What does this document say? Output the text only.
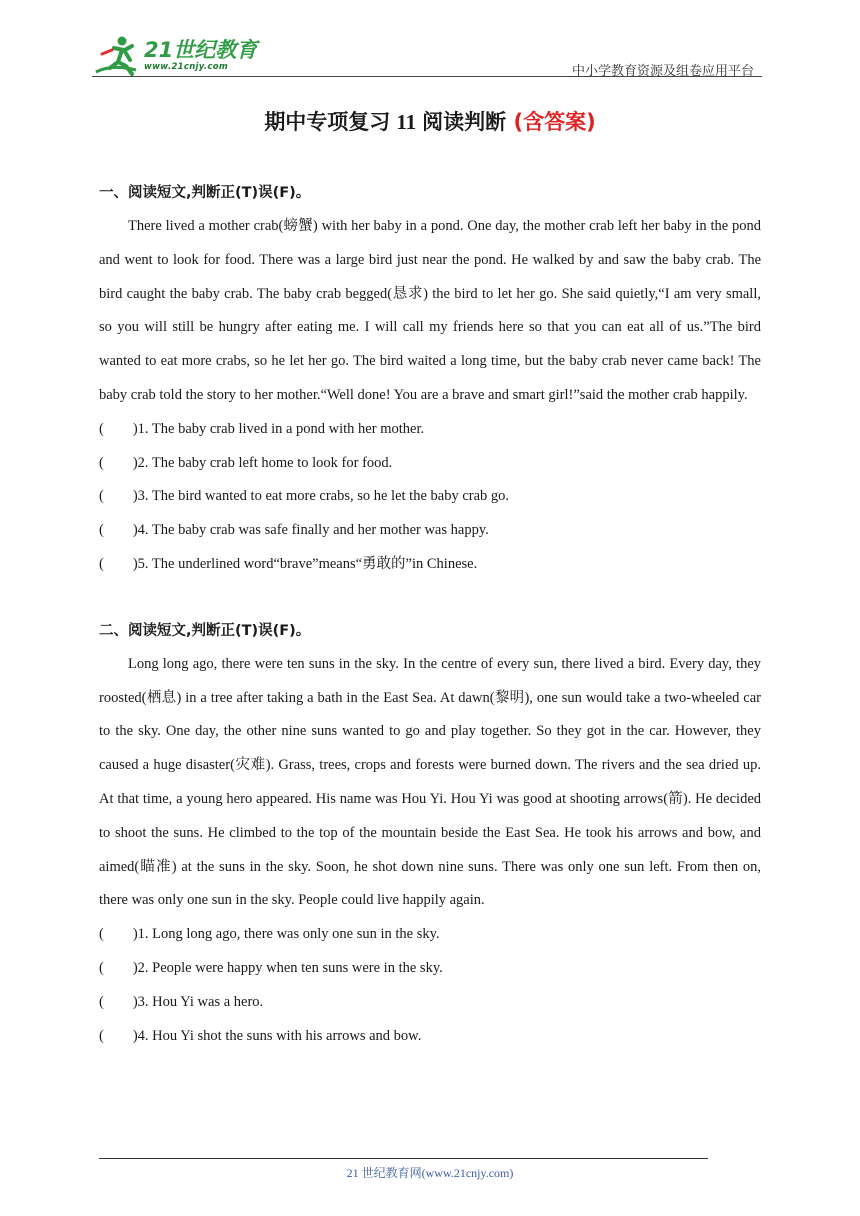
21世纪教育
www.21cnjy.com	中小学教育资源及组卷应用平台
期中专项复习 11 阅读判断 (含答案)
一、阅读短文,判断正(T)误(F)。

There lived a mother crab(螃蟹) with her baby in a pond. One day, the mother crab left her baby in the pond and went to look for food. There was a large bird just near the pond. He walked by and saw the baby crab. The bird caught the baby crab. The baby crab begged(恳求) the bird to let her go. She said quietly,“I am very small, so you will still be hungry after eating me. I will call my friends here so that you can eat all of us.”The bird wanted to eat more crabs, so he let her go. The bird waited a long time, but the baby crab never came back! The baby crab told the story to her mother.“Well done! You are a brave and smart girl!”said the mother crab happily.

(        )1. The baby crab lived in a pond with her mother.
(        )2. The baby crab left home to look for food.
(        )3. The bird wanted to eat more crabs, so he let the baby crab go.
(        )4. The baby crab was safe finally and her mother was happy.
(        )5. The underlined word“brave”means“勇敢的”in Chinese.
二、阅读短文,判断正(T)误(F)。

Long long ago, there were ten suns in the sky. In the centre of every sun, there lived a bird. Every day, they roosted(栖息) in a tree after taking a bath in the East Sea. At dawn(黎明), one sun would take a two-wheeled car to the sky. One day, the other nine suns wanted to go and play together. So they got in the car. However, they caused a huge disaster(灾难). Grass, trees, crops and forests were burned down. The rivers and the sea dried up. At that time, a young hero appeared. His name was Hou Yi. Hou Yi was good at shooting arrows(箭). He decided to shoot the suns. He climbed to the top of the mountain beside the East Sea. He took his arrows and bow, and aimed(瞄准) at the suns in the sky. Soon, he shot down nine suns. There was only one sun left. From then on, there was only one sun in the sky. People could live happily again.

(        )1. Long long ago, there was only one sun in the sky.
(        )2. People were happy when ten suns were in the sky.
(        )3. Hou Yi was a hero.
(        )4. Hou Yi shot the suns with his arrows and bow.
21 世纪教育网(www.21cnjy.com)
